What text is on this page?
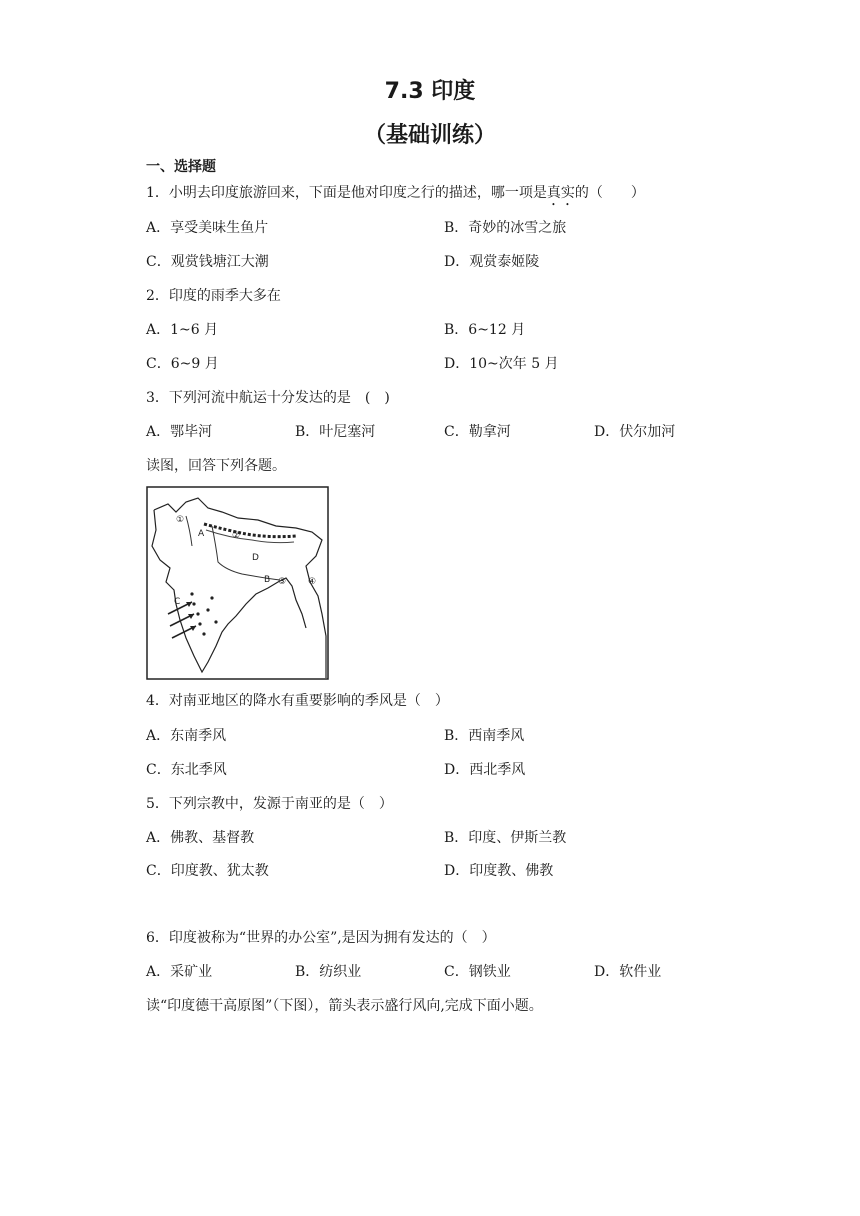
7.3 印度
（基础训练）
一、选择题
1．小明去印度旅游回来，下面是他对印度之行的描述，哪一项是真实的（　　）
A．享受美味生鱼片	B．奇妙的冰雪之旅
C．观赏钱塘江大潮	D．观赏泰姬陵
2．印度的雨季大多在
A．1~6 月	B．6~12 月
C．6~9 月	D．10~次年 5 月
3．下列河流中航运十分发达的是　(　)
A．鄂毕河	B．叶尼塞河	C．勒拿河	D．伏尔加河
读图，回答下列各题。
①
②
③ ④
A
B
C
D
4．对南亚地区的降水有重要影响的季风是（　）
A．东南季风	B．西南季风
C．东北季风	D．西北季风
5．下列宗教中，发源于南亚的是（　）
A．佛教、基督教	B．印度、伊斯兰教
C．印度教、犹太教	D．印度教、佛教
6．印度被称为“世界的办公室”,是因为拥有发达的（　）
A．采矿业	B．纺织业	C．钢铁业	D．软件业
读“印度德干高原图”（下图），箭头表示盛行风向,完成下面小题。
